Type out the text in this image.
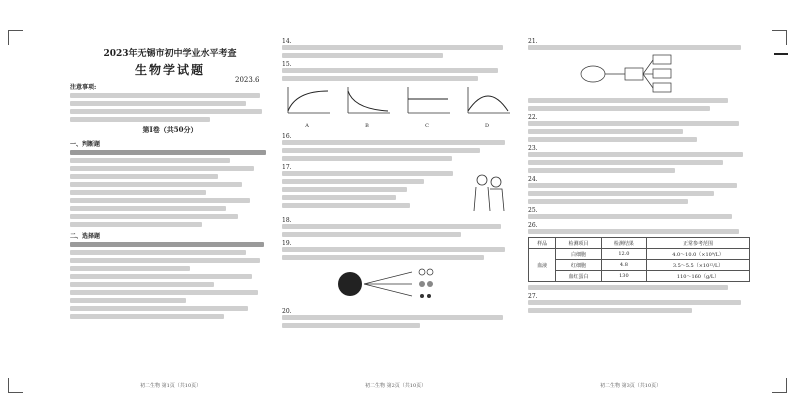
2023年无锡市初中学业水平考查
生物学试题
注意事项:
第I卷（共50分）
一、判断题
二、选择题
2023.6
14.
15.
A	B	C	D
16.
17.
18.
19.
20.
21.
22.
23.
24.
25.
26.
样品	检测项目	检测结果	正常参考范围
血液	白细胞	12.0	4.0～10.0（×10⁹/L）
	红细胞	4.8	3.5～5.5（×10¹²/L）
	血红蛋白	130	110～160（g/L）
27.
初二生物 第1页（共10页）	初二生物 第2页（共10页）	初二生物 第3页（共10页）
